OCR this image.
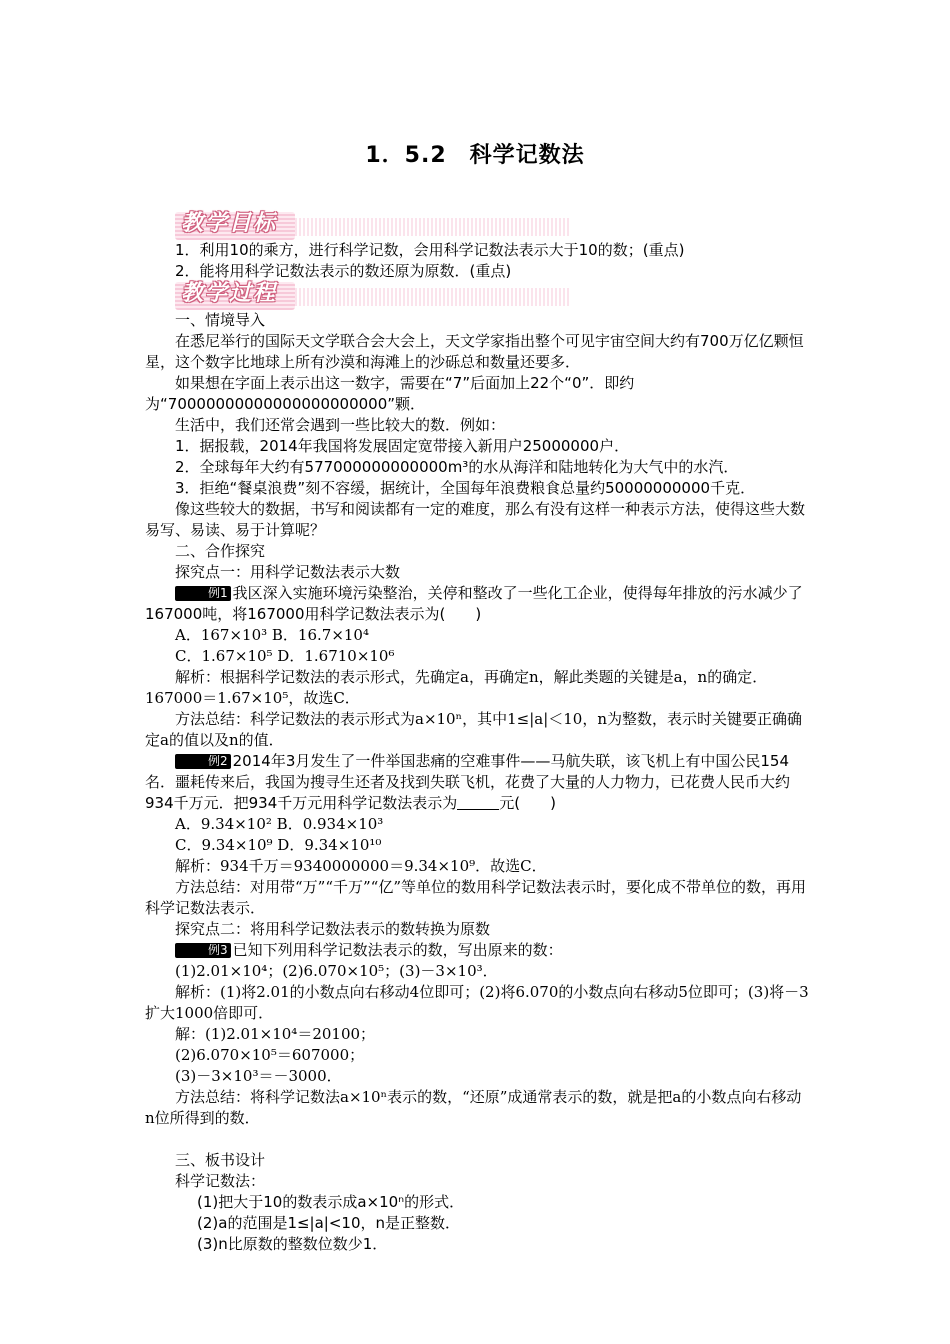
1．5.2　科学记数法
教学目标

1．利用10的乘方，进行科学记数，会用科学记数法表示大于10的数；(重点)

2．能将用科学记数法表示的数还原为原数．(重点)

教学过程

一、情境导入

在悉尼举行的国际天文学联合会大会上，天文学家指出整个可见宇宙空间大约有700万亿亿颗恒星，这个数字比地球上所有沙漠和海滩上的沙砾总和数量还要多．

如果想在字面上表示出这一数字，需要在“7”后面加上22个“0”．即约为“70000000000000000000000”颗．

生活中，我们还常会遇到一些比较大的数．例如：

1．据报载，2014年我国将发展固定宽带接入新用户25000000户．

2．全球每年大约有577000000000000m³的水从海洋和陆地转化为大气中的水汽．

3．拒绝“餐桌浪费”刻不容缓，据统计，全国每年浪费粮食总量约50000000000千克．

像这些较大的数据，书写和阅读都有一定的难度，那么有没有这样一种表示方法，使得这些大数易写、易读、易于计算呢？

二、合作探究

探究点一：用科学记数法表示大数

例1 我区深入实施环境污染整治，关停和整改了一些化工企业，使得每年排放的污水减少了167000吨，将167000用科学记数法表示为(　　)

A．167×10³ B．16.7×10⁴

C．1.67×10⁵ D．1.6710×10⁶

解析：根据科学记数法的表示形式，先确定a，再确定n，解此类题的关键是a，n的确定．167000＝1.67×10⁵，故选C．

方法总结：科学记数法的表示形式为a×10ⁿ，其中1≤|a|＜10，n为整数，表示时关键要正确确定a的值以及n的值．

例2 2014年3月发生了一件举国悲痛的空难事件——马航失联，该飞机上有中国公民154名．噩耗传来后，我国为搜寻生还者及找到失联飞机，花费了大量的人力物力，已花费人民币大约934千万元．把934千万元用科学记数法表示为	元(　　)

A．9.34×10² B．0.934×10³

C．9.34×10⁹ D．9.34×10¹⁰

解析：934千万＝9340000000＝9.34×10⁹．故选C．

方法总结：对用带“万”“千万”“亿”等单位的数用科学记数法表示时，要化成不带单位的数，再用科学记数法表示．

探究点二：将用科学记数法表示的数转换为原数

例3 已知下列用科学记数法表示的数，写出原来的数：

(1)2.01×10⁴；(2)6.070×10⁵；(3)－3×10³．

解析：(1)将2.01的小数点向右移动4位即可；(2)将6.070的小数点向右移动5位即可；(3)将－3扩大1000倍即可．

解：(1)2.01×10⁴＝20100；

(2)6.070×10⁵＝607000；

(3)－3×10³＝－3000．

方法总结：将科学记数法a×10ⁿ表示的数，“还原”成通常表示的数，就是把a的小数点向右移动n位所得到的数．

三、板书设计

科学记数法：

(1)把大于10的数表示成a×10ⁿ的形式．

(2)a的范围是1≤|a|<10，n是正整数．

(3)n比原数的整数位数少1．
